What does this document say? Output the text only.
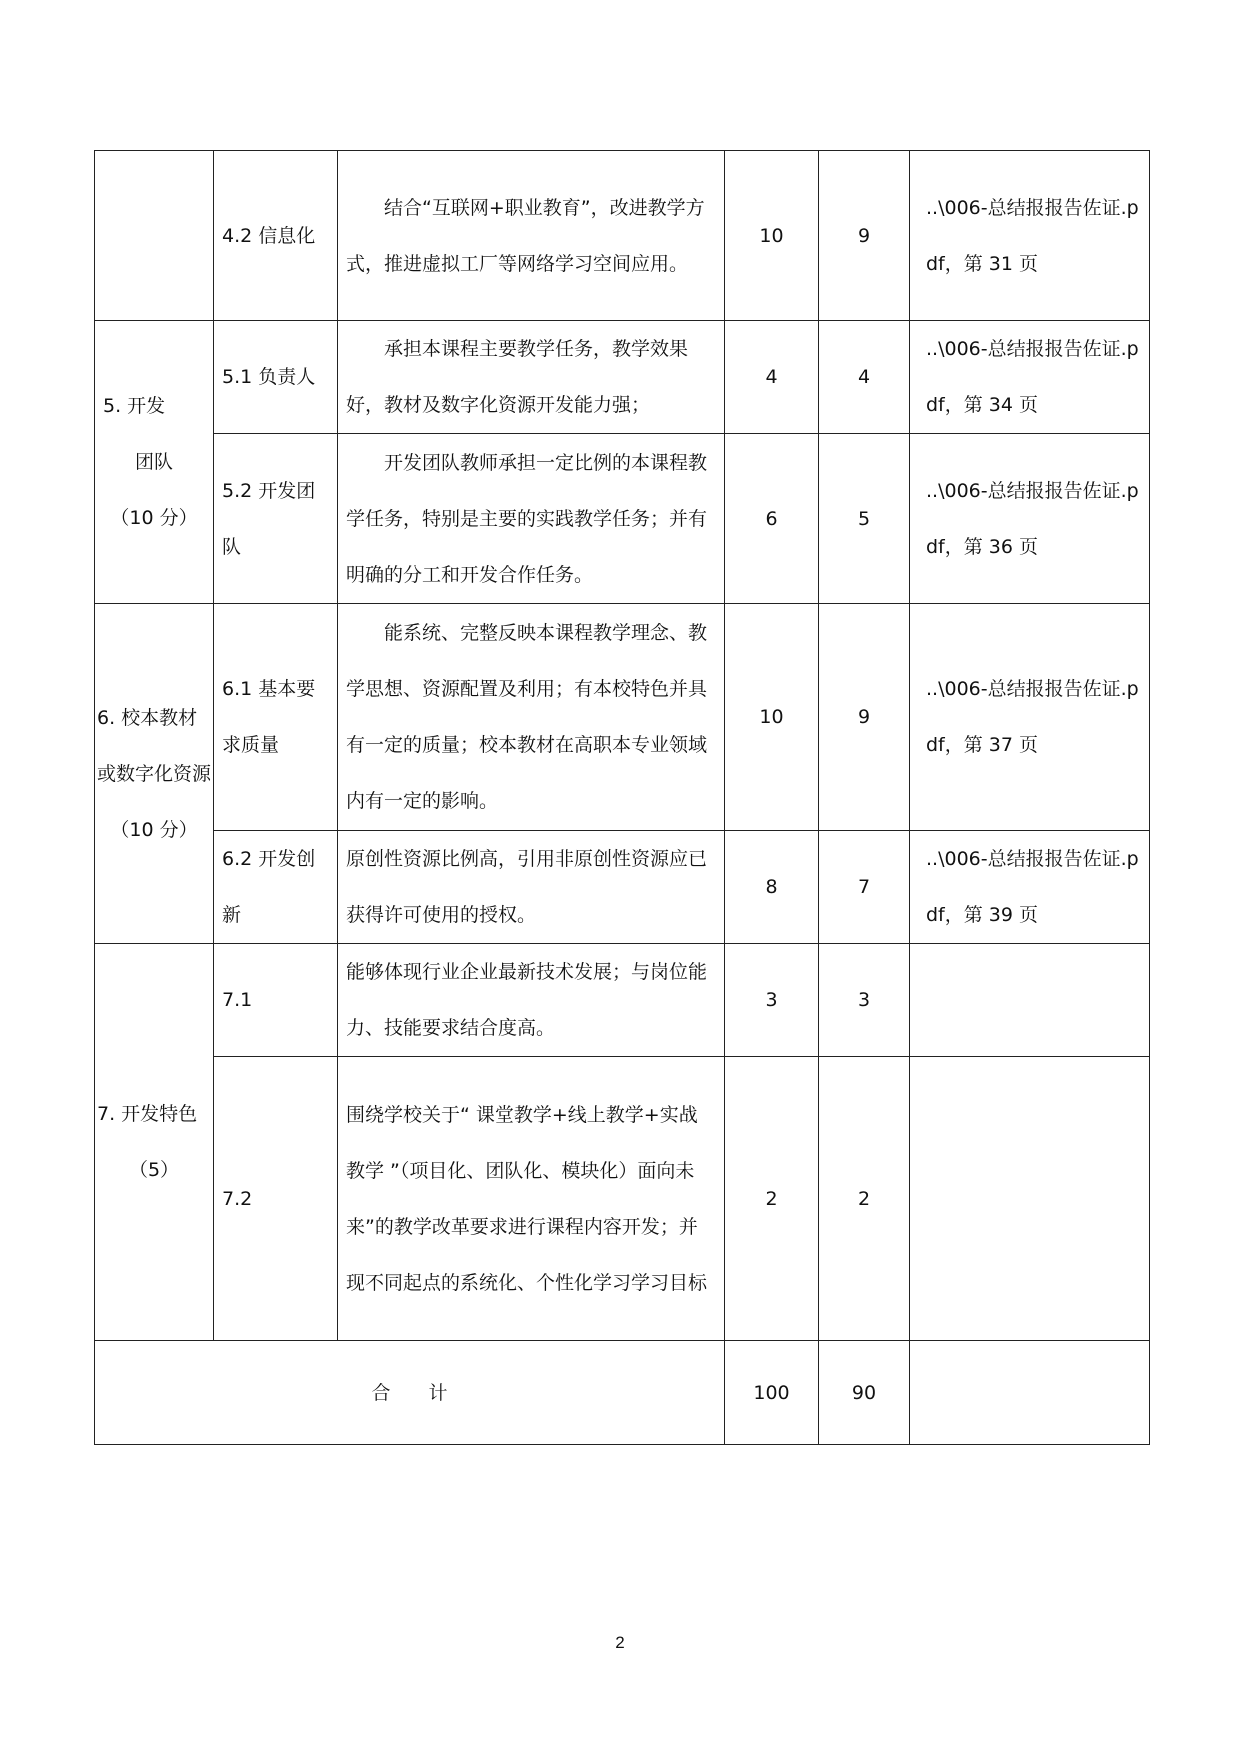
	4.2 信息化	结合“互联网+职业教育”，改进教学方式，推进虚拟工厂等网络学习空间应用。	10	9	..\006-总结报报告佐证.pdf，第 31 页

5. 开发
团队
（10 分）	5.1 负责人	承担本课程主要教学任务，教学效果好，教材及数字化资源开发能力强；	4	4	..\006-总结报报告佐证.pdf，第 34 页
	5.2 开发团队	开发团队教师承担一定比例的本课程教学任务，特别是主要的实践教学任务；并有明确的分工和开发合作任务。	6	5	..\006-总结报报告佐证.pdf，第 36 页

6. 校本教材或数字化资源
（10 分）	6.1 基本要求质量	能系统、完整反映本课程教学理念、教学思想、资源配置及利用；有本校特色并具有一定的质量；校本教材在高职本专业领域内有一定的影响。	10	9	..\006-总结报报告佐证.pdf，第 37 页
	6.2 开发创新	原创性资源比例高，引用非原创性资源应已获得许可使用的授权。	8	7	..\006-总结报报告佐证.pdf，第 39 页

7. 开发特色
（5）	7.1	能够体现行业企业最新技术发展；与岗位能力、技能要求结合度高。	3	3	
	7.2	围绕学校关于“ 课堂教学+线上教学+实战教学 ”（项目化、团队化、模块化）面向未来”的教学改革要求进行课程内容开发；并现不同起点的系统化、个性化学习学习目标	2	2	
合　　计			100	90	
2
